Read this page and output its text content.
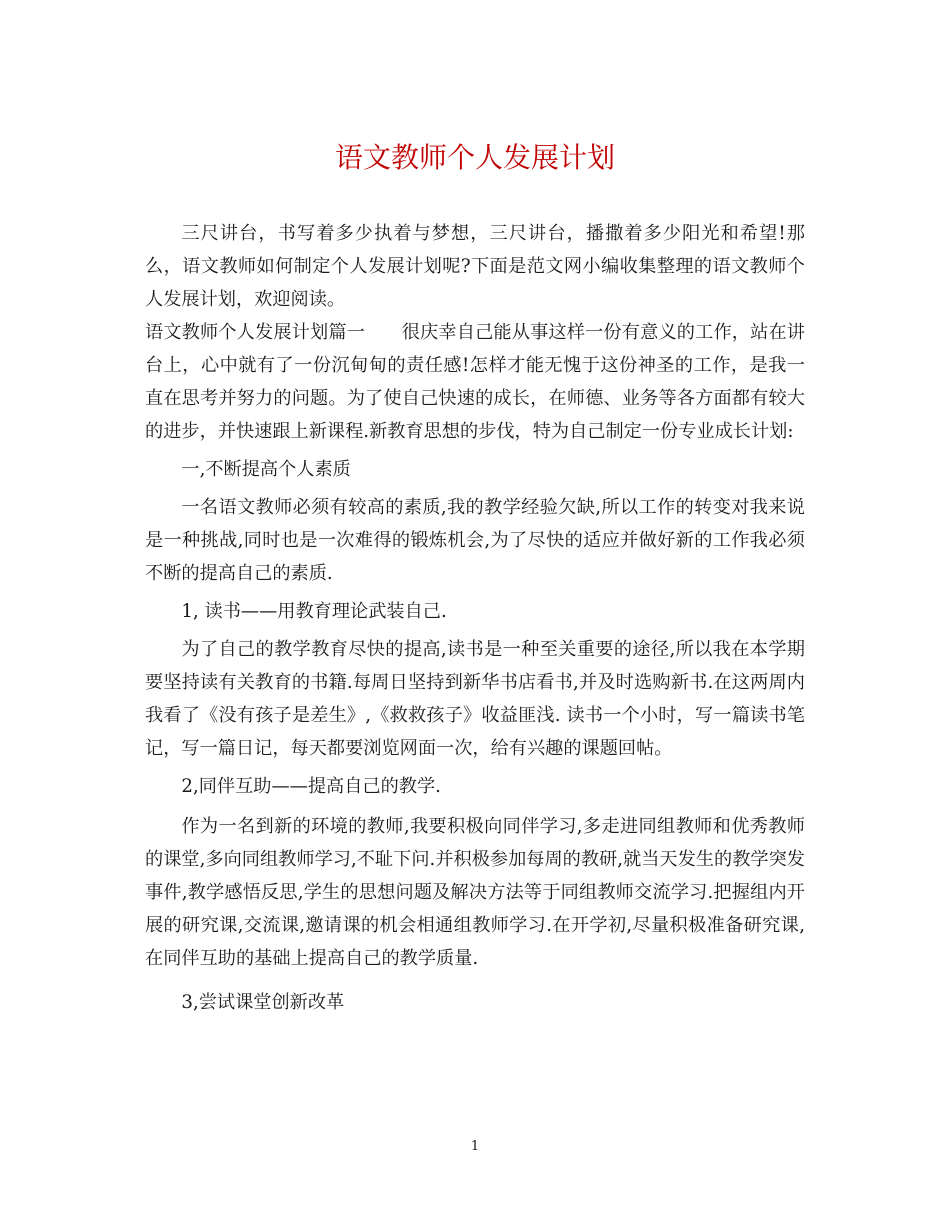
语文教师个人发展计划

三尺讲台，书写着多少执着与梦想，三尺讲台，播撒着多少阳光和希望!那么，语文教师如何制定个人发展计划呢?下面是范文网小编收集整理的语文教师个人发展计划，欢迎阅读。

语文教师个人发展计划篇一　　很庆幸自己能从事这样一份有意义的工作，站在讲台上，心中就有了一份沉甸甸的责任感!怎样才能无愧于这份神圣的工作，是我一直在思考并努力的问题。为了使自己快速的成长，在师德、业务等各方面都有较大的进步，并快速跟上新课程.新教育思想的步伐，特为自己制定一份专业成长计划:

一,不断提高个人素质

一名语文教师必须有较高的素质,我的教学经验欠缺,所以工作的转变对我来说是一种挑战,同时也是一次难得的锻炼机会,为了尽快的适应并做好新的工作我必须不断的提高自己的素质.

1, 读书——用教育理论武装自己.

为了自己的教学教育尽快的提高,读书是一种至关重要的途径,所以我在本学期要坚持读有关教育的书籍.每周日坚持到新华书店看书,并及时选购新书.在这两周内我看了《没有孩子是差生》,《救救孩子》收益匪浅. 读书一个小时，写一篇读书笔记，写一篇日记，每天都要浏览网面一次，给有兴趣的课题回帖。

2,同伴互助——提高自己的教学.

作为一名到新的环境的教师,我要积极向同伴学习,多走进同组教师和优秀教师的课堂,多向同组教师学习,不耻下问.并积极参加每周的教研,就当天发生的教学突发事件,教学感悟反思,学生的思想问题及解决方法等于同组教师交流学习.把握组内开展的研究课,交流课,邀请课的机会相通组教师学习.在开学初,尽量积极准备研究课,在同伴互助的基础上提高自己的教学质量.

3,尝试课堂创新改革

1
